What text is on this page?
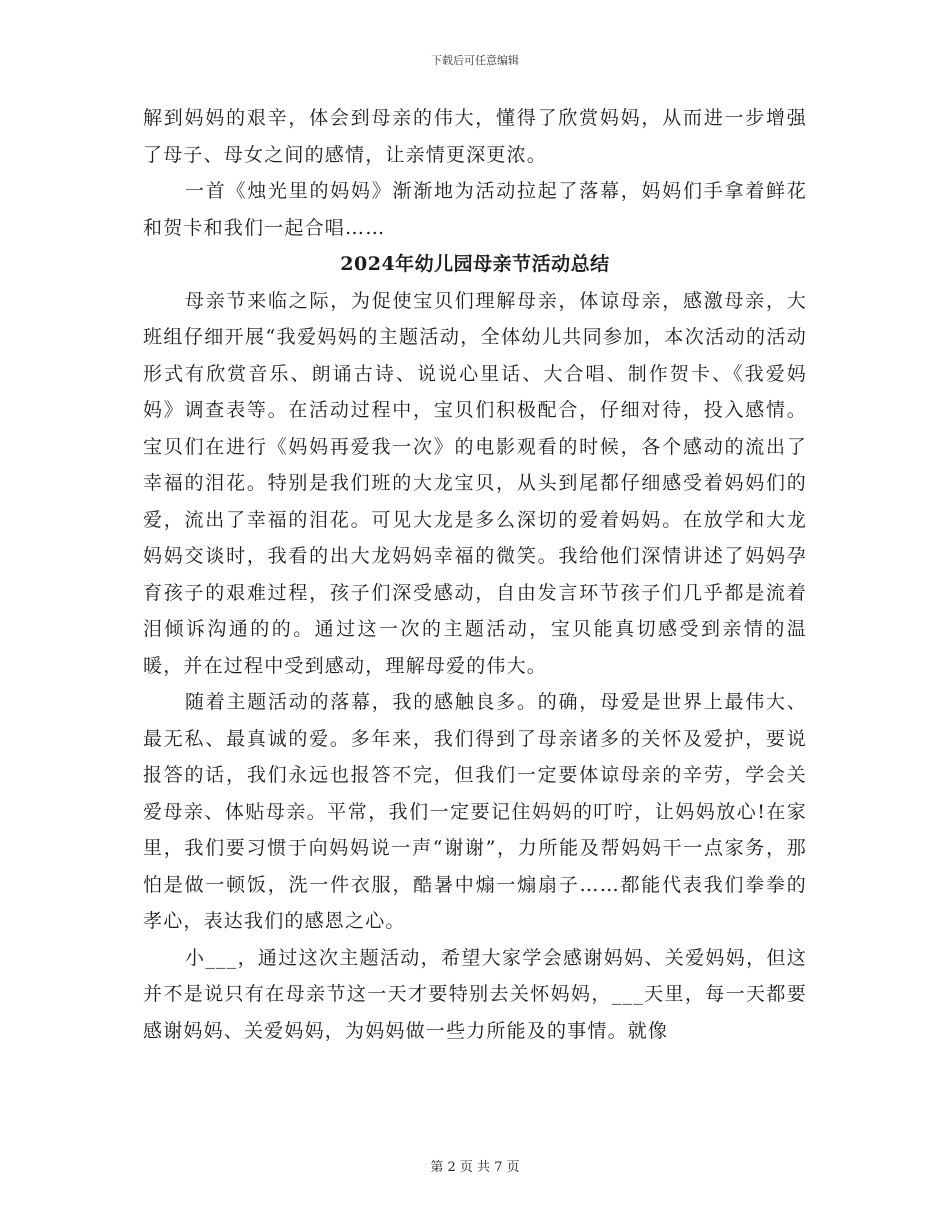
下载后可任意编辑

解到妈妈的艰辛，体会到母亲的伟大，懂得了欣赏妈妈，从而进一步增强了母子、母女之间的感情，让亲情更深更浓。

一首《烛光里的妈妈》渐渐地为活动拉起了落幕，妈妈们手拿着鲜花和贺卡和我们一起合唱……

2024年幼儿园母亲节活动总结

母亲节来临之际，为促使宝贝们理解母亲，体谅母亲，感激母亲，大班组仔细开展“我爱妈妈的主题活动，全体幼儿共同参加，本次活动的活动形式有欣赏音乐、朗诵古诗、说说心里话、大合唱、制作贺卡、《我爱妈妈》调查表等。在活动过程中，宝贝们积极配合，仔细对待，投入感情。宝贝们在进行《妈妈再爱我一次》的电影观看的时候，各个感动的流出了幸福的泪花。特别是我们班的大龙宝贝，从头到尾都仔细感受着妈妈们的爱，流出了幸福的泪花。可见大龙是多么深切的爱着妈妈。在放学和大龙妈妈交谈时，我看的出大龙妈妈幸福的微笑。我给他们深情讲述了妈妈孕育孩子的艰难过程，孩子们深受感动，自由发言环节孩子们几乎都是流着泪倾诉沟通的的。通过这一次的主题活动，宝贝能真切感受到亲情的温暖，并在过程中受到感动，理解母爱的伟大。

随着主题活动的落幕，我的感触良多。的确，母爱是世界上最伟大、最无私、最真诚的爱。多年来，我们得到了母亲诸多的关怀及爱护，要说报答的话，我们永远也报答不完，但我们一定要体谅母亲的辛劳，学会关爱母亲、体贴母亲。平常，我们一定要记住妈妈的叮咛，让妈妈放心!在家里，我们要习惯于向妈妈说一声“谢谢”，力所能及帮妈妈干一点家务，那怕是做一顿饭，洗一件衣服，酷暑中煽一煽扇子……都能代表我们拳拳的孝心，表达我们的感恩之心。

小___，通过这次主题活动，希望大家学会感谢妈妈、关爱妈妈，但这并不是说只有在母亲节这一天才要特别去关怀妈妈，___天里，每一天都要感谢妈妈、关爱妈妈，为妈妈做一些力所能及的事情。就像

第 2 页 共 7 页
